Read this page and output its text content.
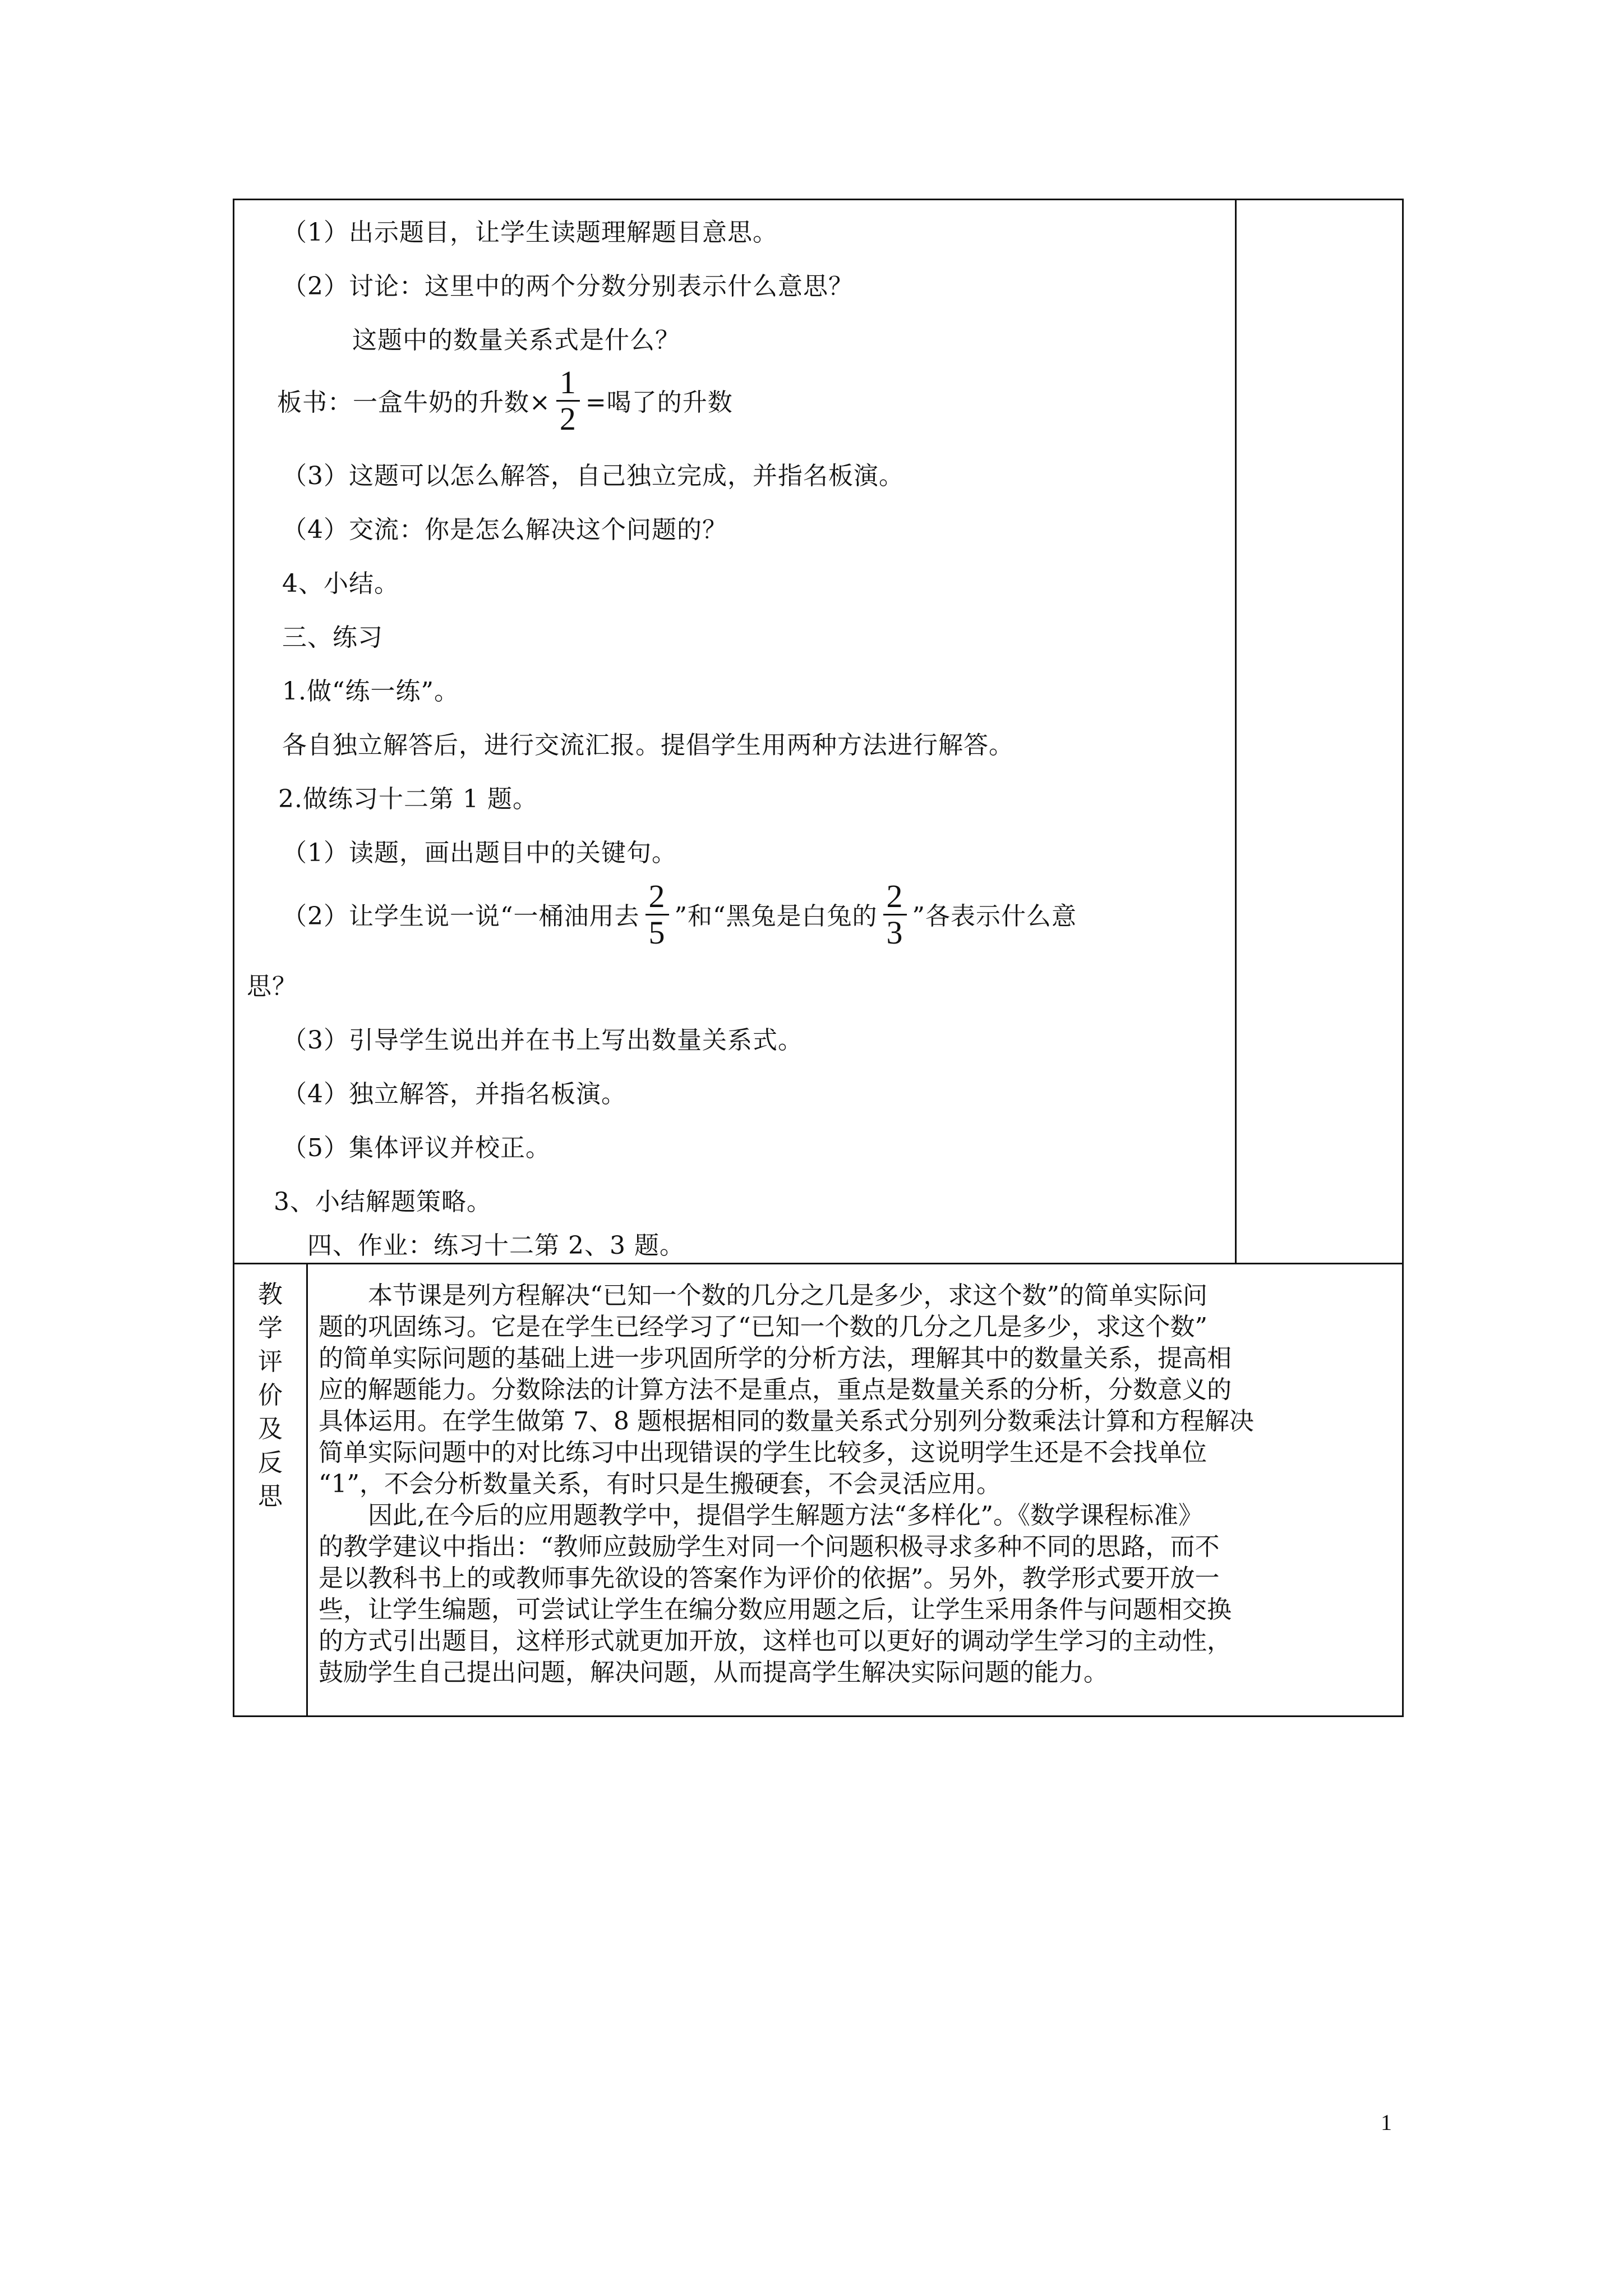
（1）出示题目，让学生读题理解题目意思。
（2）讨论：这里中的两个分数分别表示什么意思？
这题中的数量关系式是什么？
板书：一盒牛奶的升数× $\frac{1}{2}$ =喝了的升数
（3）这题可以怎么解答，自己独立完成，并指名板演。
（4）交流：你是怎么解决这个问题的？
4、小结。
三、练习
1.做“练一练”。
各自独立解答后，进行交流汇报。提倡学生用两种方法进行解答。
2.做练习十二第 1 题。
（1）读题，画出题目中的关键句。
（2）让学生说一说“一桶油用去 $\frac{2}{5}$ ”和“黑兔是白兔的 $\frac{2}{3}$ ”各表示什么意
思？
（3）引导学生说出并在书上写出数量关系式。
（4）独立解答，并指名板演。
（5）集体评议并校正。
3、小结解题策略。
四、作业：练习十二第 2、3 题。
教
学
评
价
及
反
思
　　本节课是列方程解决“已知一个数的几分之几是多少，求这个数”的简单实际问
题的巩固练习。它是在学生已经学习了“已知一个数的几分之几是多少，求这个数”
的简单实际问题的基础上进一步巩固所学的分析方法，理解其中的数量关系，提高相
应的解题能力。分数除法的计算方法不是重点，重点是数量关系的分析，分数意义的
具体运用。在学生做第 7、8 题根据相同的数量关系式分别列分数乘法计算和方程解决
简单实际问题中的对比练习中出现错误的学生比较多，这说明学生还是不会找单位
“1”，不会分析数量关系，有时只是生搬硬套，不会灵活应用。
　　因此,在今后的应用题教学中，提倡学生解题方法“多样化”。《数学课程标准》
的教学建议中指出：“教师应鼓励学生对同一个问题积极寻求多种不同的思路，而不
是以教科书上的或教师事先欲设的答案作为评价的依据”。另外，教学形式要开放一
些，让学生编题，可尝试让学生在编分数应用题之后，让学生采用条件与问题相交换
的方式引出题目，这样形式就更加开放，这样也可以更好的调动学生学习的主动性，
鼓励学生自己提出问题，解决问题，从而提高学生解决实际问题的能力。
1
